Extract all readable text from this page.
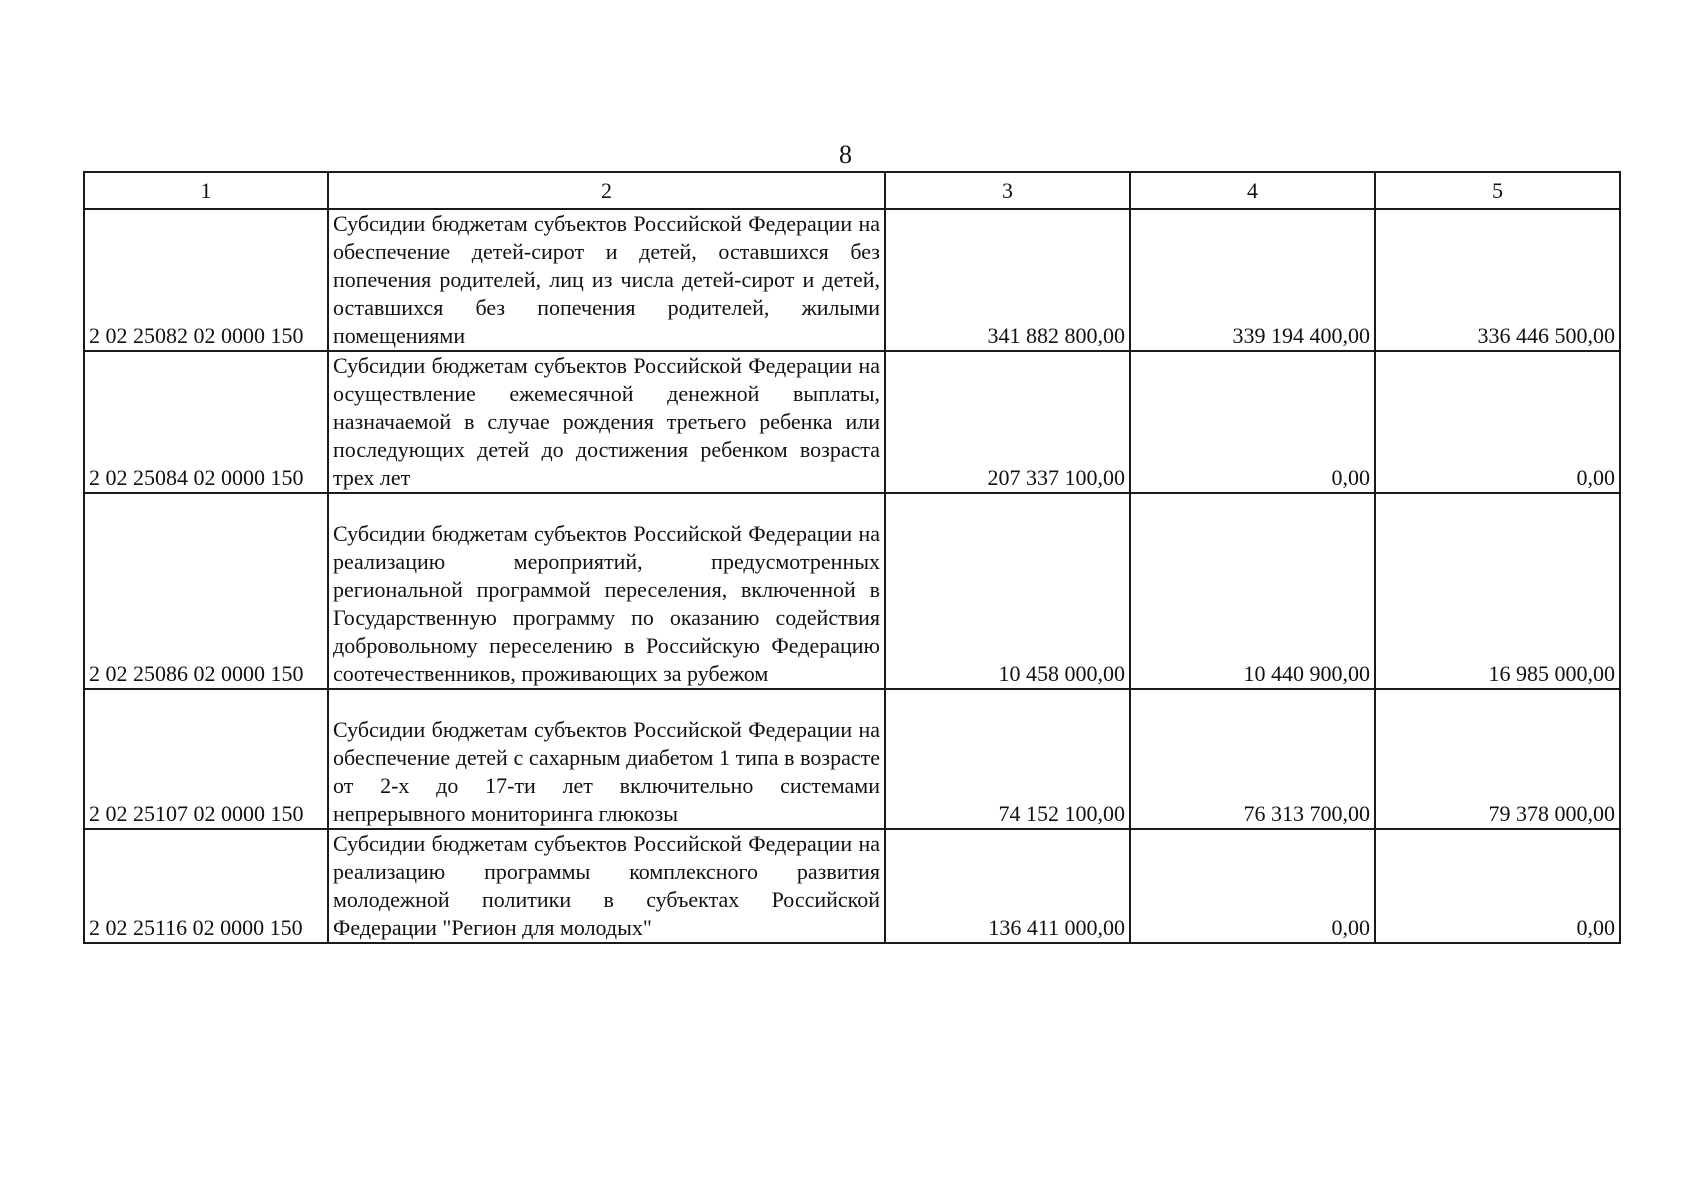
8
1	2	3	4	5
2 02 25082 02 0000 150	Субсидии бюджетам субъектов Российской Федерации на обеспечение детей-сирот и детей, оставшихся без попечения родителей, лиц из числа детей-сирот и детей, оставшихся без попечения родителей, жилыми помещениями	341 882 800,00	339 194 400,00	336 446 500,00
2 02 25084 02 0000 150	Субсидии бюджетам субъектов Российской Федерации на осуществление ежемесячной денежной выплаты, назначаемой в случае рождения третьего ребенка или последующих детей до достижения ребенком возраста трех лет	207 337 100,00	0,00	0,00
2 02 25086 02 0000 150	Субсидии бюджетам субъектов Российской Федерации на реализацию мероприятий, предусмотренных региональной программой переселения, включенной в Государственную программу по оказанию содействия добровольному переселению в Российскую Федерацию соотечественников, проживающих за рубежом	10 458 000,00	10 440 900,00	16 985 000,00
2 02 25107 02 0000 150	Субсидии бюджетам субъектов Российской Федерации на обеспечение детей с сахарным диабетом 1 типа в возрасте от 2-х до 17-ти лет включительно системами непрерывного мониторинга глюкозы	74 152 100,00	76 313 700,00	79 378 000,00
2 02 25116 02 0000 150	Субсидии бюджетам субъектов Российской Федерации на реализацию программы комплексного развития молодежной политики в субъектах Российской Федерации "Регион для молодых"	136 411 000,00	0,00	0,00
